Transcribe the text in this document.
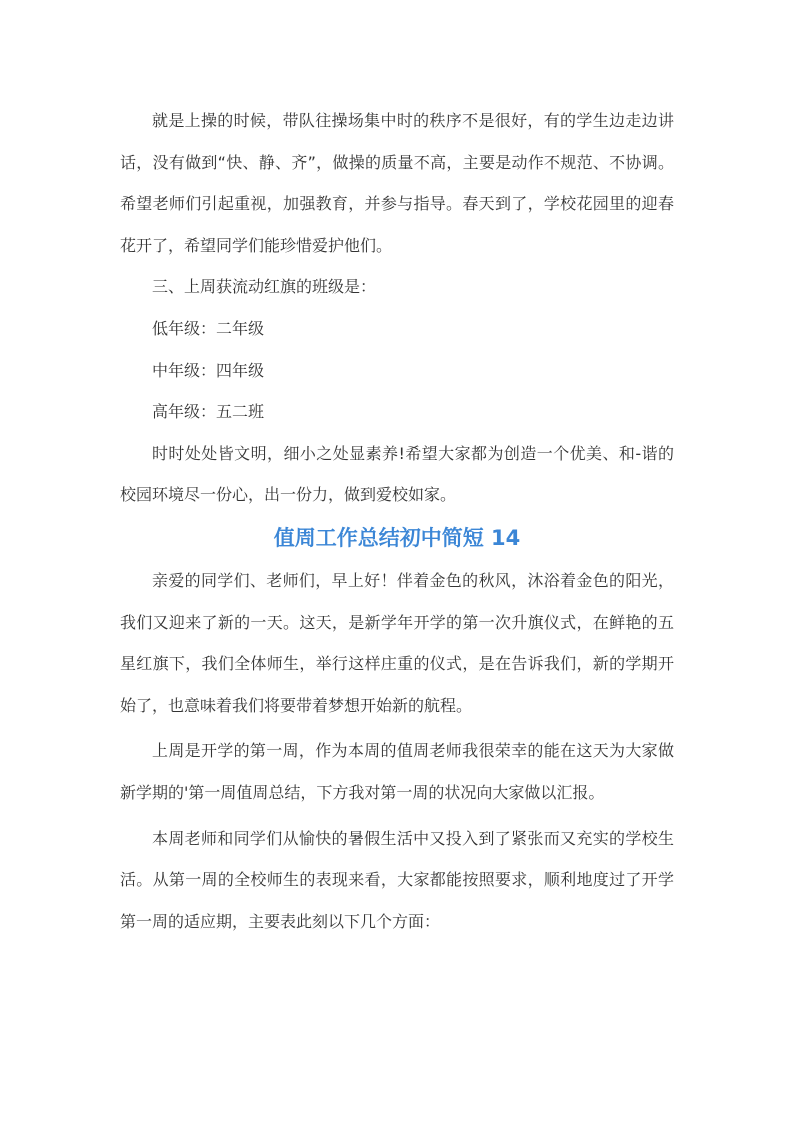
就是上操的时候，带队往操场集中时的秩序不是很好，有的学生边走边讲话，没有做到“快、静、齐”，做操的质量不高，主要是动作不规范、不协调。希望老师们引起重视，加强教育，并参与指导。春天到了，学校花园里的迎春花开了，希望同学们能珍惜爱护他们。

三、上周获流动红旗的班级是：

低年级：二年级

中年级：四年级

高年级：五二班

时时处处皆文明，细小之处显素养!希望大家都为创造一个优美、和-谐的校园环境尽一份心，出一份力，做到爱校如家。

值周工作总结初中简短 14

亲爱的同学们、老师们，早上好！伴着金色的秋风，沐浴着金色的阳光，我们又迎来了新的一天。这天，是新学年开学的第一次升旗仪式，在鲜艳的五星红旗下，我们全体师生，举行这样庄重的仪式，是在告诉我们，新的学期开始了，也意味着我们将要带着梦想开始新的航程。

上周是开学的第一周，作为本周的值周老师我很荣幸的能在这天为大家做新学期的'第一周值周总结，下方我对第一周的状况向大家做以汇报。

本周老师和同学们从愉快的暑假生活中又投入到了紧张而又充实的学校生活。从第一周的全校师生的表现来看，大家都能按照要求，顺利地度过了开学第一周的适应期，主要表此刻以下几个方面：
